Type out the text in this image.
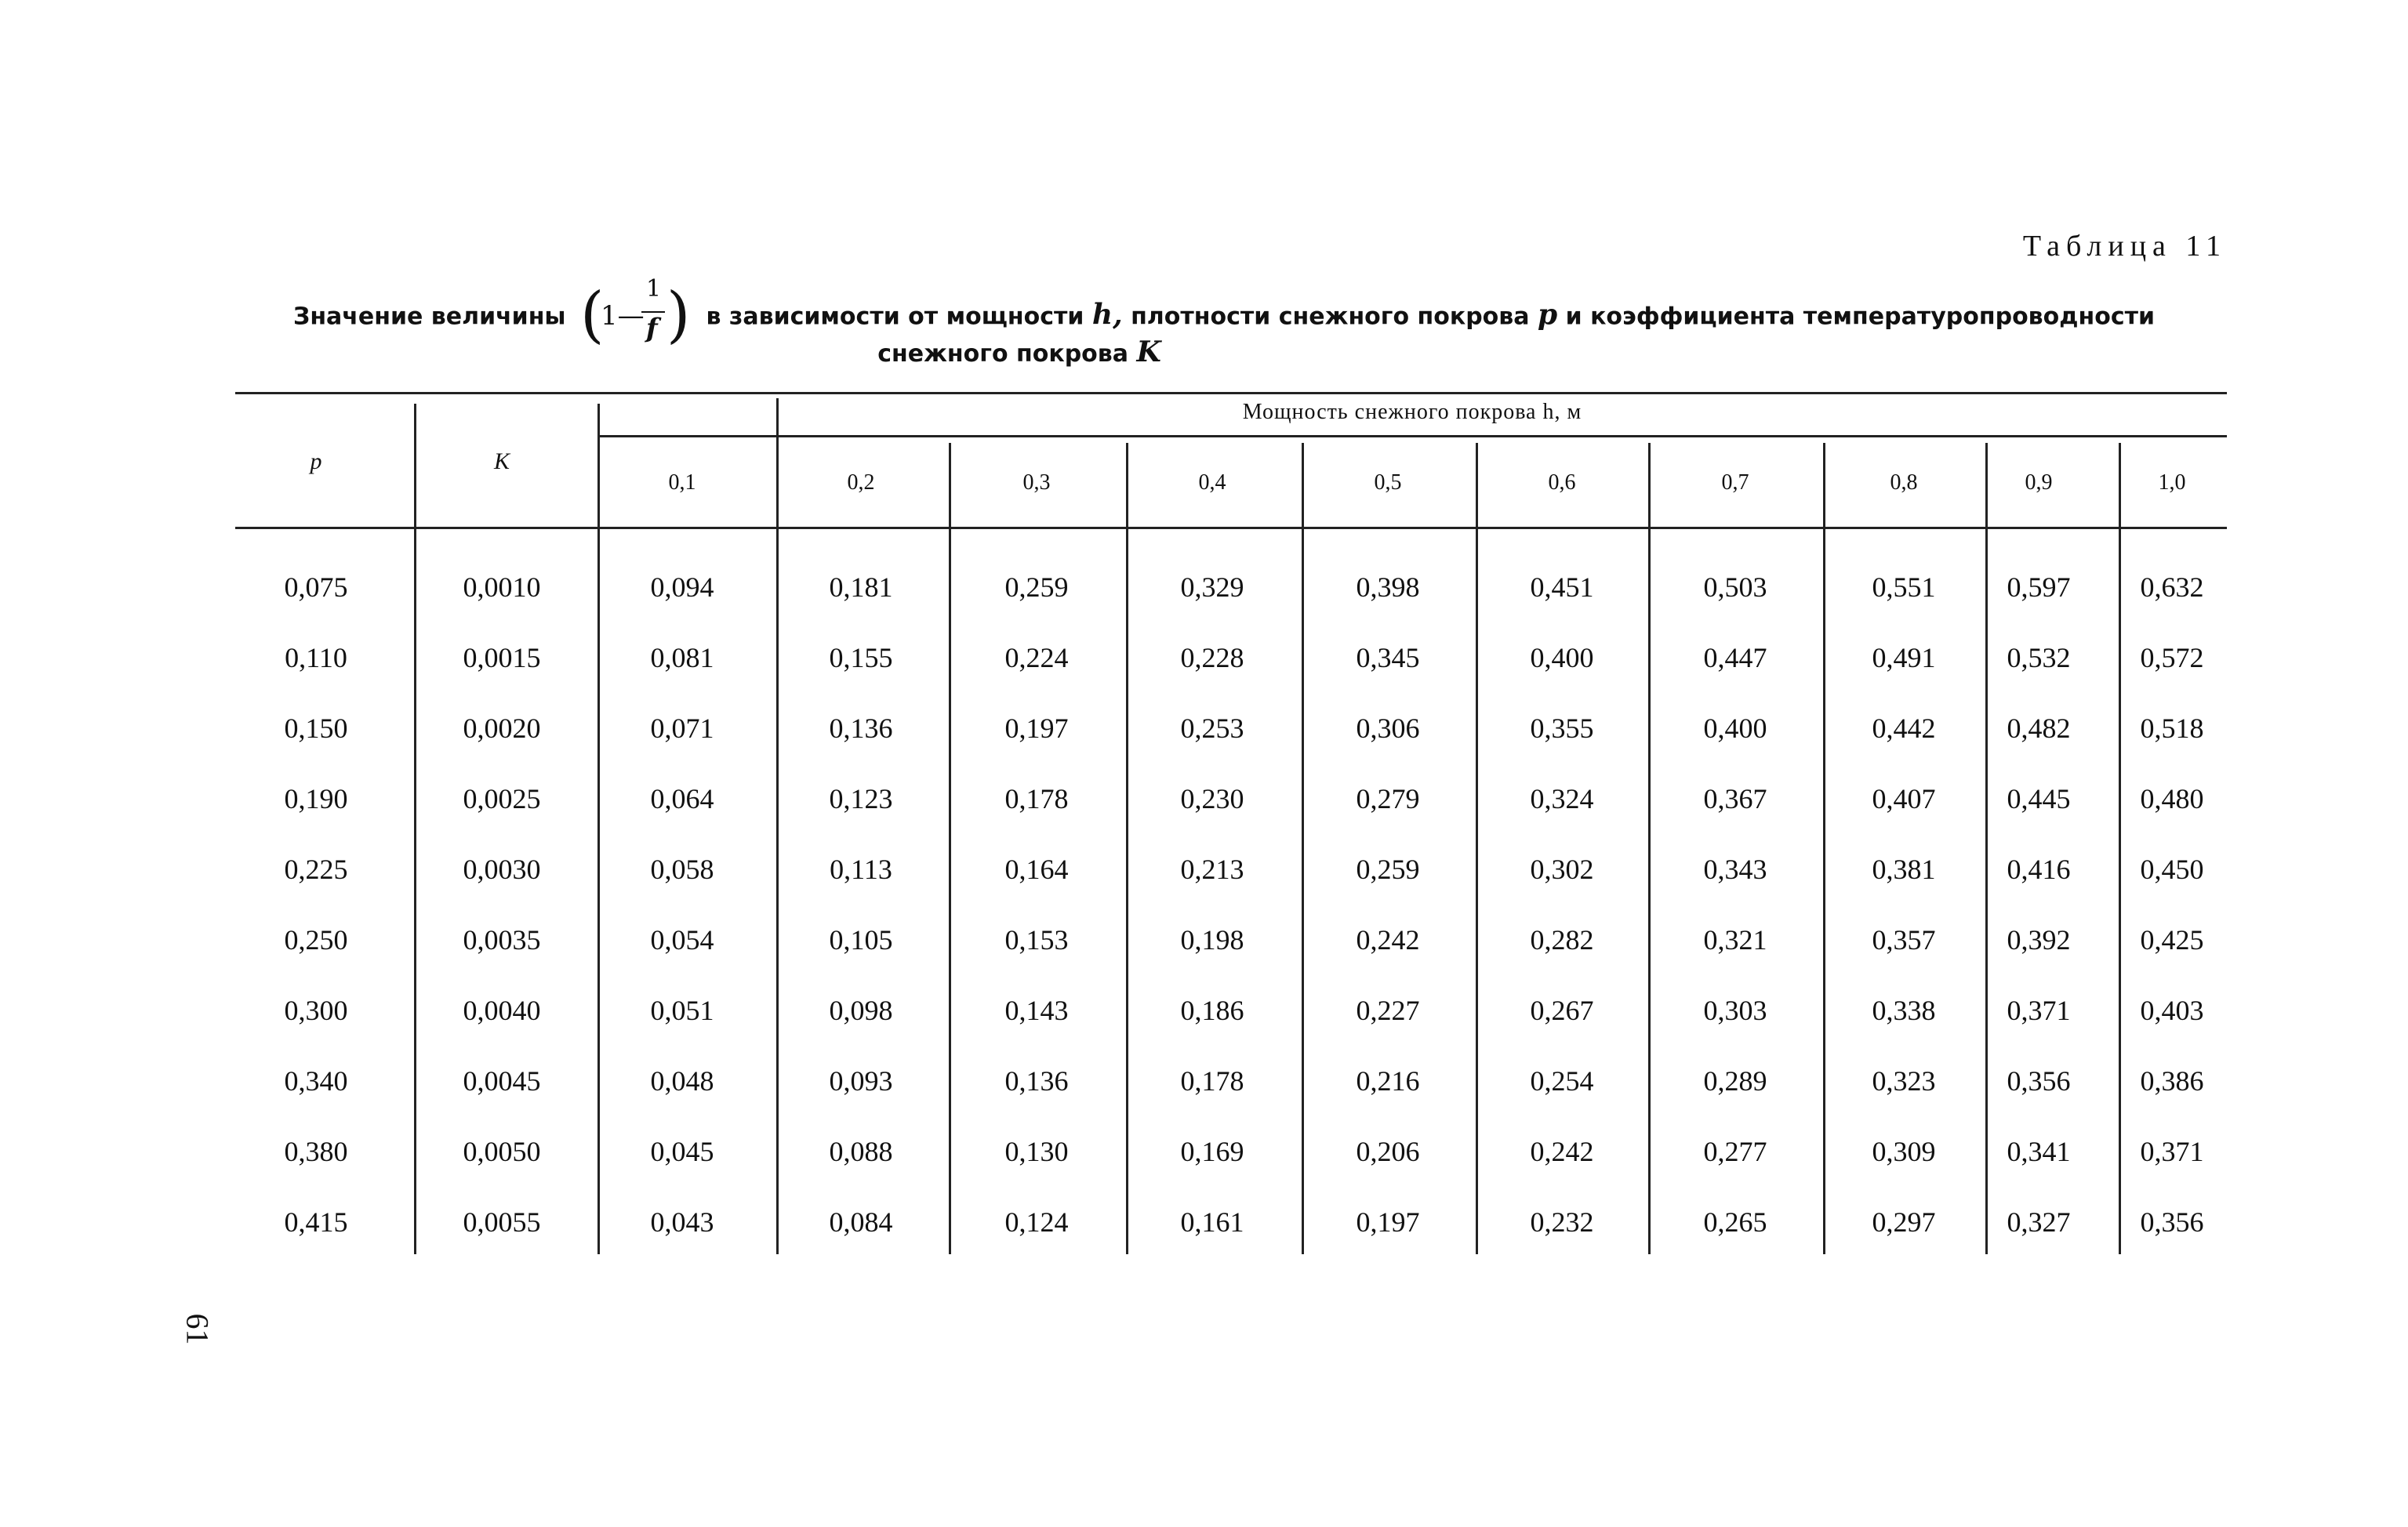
Таблица 11
Значение величины (
1—
1
f ) в зависимости от мощности h, плотности снежного покрова p и коэффициента температуропроводности
снежного покрова K
p	K
Мощность снежного покрова h, м
0,1	0,2	0,3	0,4	0,5	0,6	0,7	0,8	0,9	1,0
0,075	0,0010	0,094	0,181	0,259	0,329	0,398	0,451	0,503	0,551	0,597	0,632
0,110	0,0015	0,081	0,155	0,224	0,228	0,345	0,400	0,447	0,491	0,532	0,572
0,150	0,0020	0,071	0,136	0,197	0,253	0,306	0,355	0,400	0,442	0,482	0,518
0,190	0,0025	0,064	0,123	0,178	0,230	0,279	0,324	0,367	0,407	0,445	0,480
0,225	0,0030	0,058	0,113	0,164	0,213	0,259	0,302	0,343	0,381	0,416	0,450
0,250	0,0035	0,054	0,105	0,153	0,198	0,242	0,282	0,321	0,357	0,392	0,425
0,300	0,0040	0,051	0,098	0,143	0,186	0,227	0,267	0,303	0,338	0,371	0,403
0,340	0,0045	0,048	0,093	0,136	0,178	0,216	0,254	0,289	0,323	0,356	0,386
0,380	0,0050	0,045	0,088	0,130	0,169	0,206	0,242	0,277	0,309	0,341	0,371
0,415	0,0055	0,043	0,084	0,124	0,161	0,197	0,232	0,265	0,297	0,327	0,356
61
